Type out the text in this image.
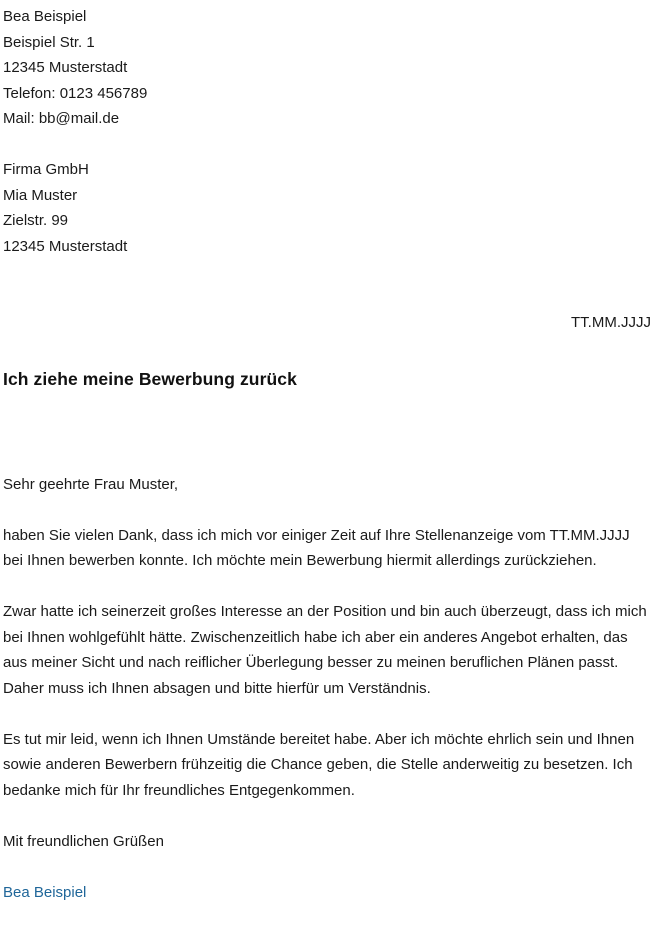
Bea Beispiel
Beispiel Str. 1
12345 Musterstadt
Telefon: 0123 456789
Mail: bb@mail.de
Firma GmbH
Mia Muster
Zielstr. 99
12345 Musterstadt
TT.MM.JJJJ
Ich ziehe meine Bewerbung zurück

Sehr geehrte Frau Muster,

haben Sie vielen Dank, dass ich mich vor einiger Zeit auf Ihre Stellenanzeige vom TT.MM.JJJJ bei Ihnen bewerben konnte. Ich möchte mein Bewerbung hiermit allerdings zurückziehen.

Zwar hatte ich seinerzeit großes Interesse an der Position und bin auch überzeugt, dass ich mich bei Ihnen wohlgefühlt hätte. Zwischenzeitlich habe ich aber ein anderes Angebot erhalten, das aus meiner Sicht und nach reiflicher Überlegung besser zu meinen beruflichen Plänen passt. Daher muss ich Ihnen absagen und bitte hierfür um Verständnis.

Es tut mir leid, wenn ich Ihnen Umstände bereitet habe. Aber ich möchte ehrlich sein und Ihnen sowie anderen Bewerbern frühzeitig die Chance geben, die Stelle anderweitig zu besetzen. Ich bedanke mich für Ihr freundliches Entgegenkommen.

Mit freundlichen Grüßen

Bea Beispiel
